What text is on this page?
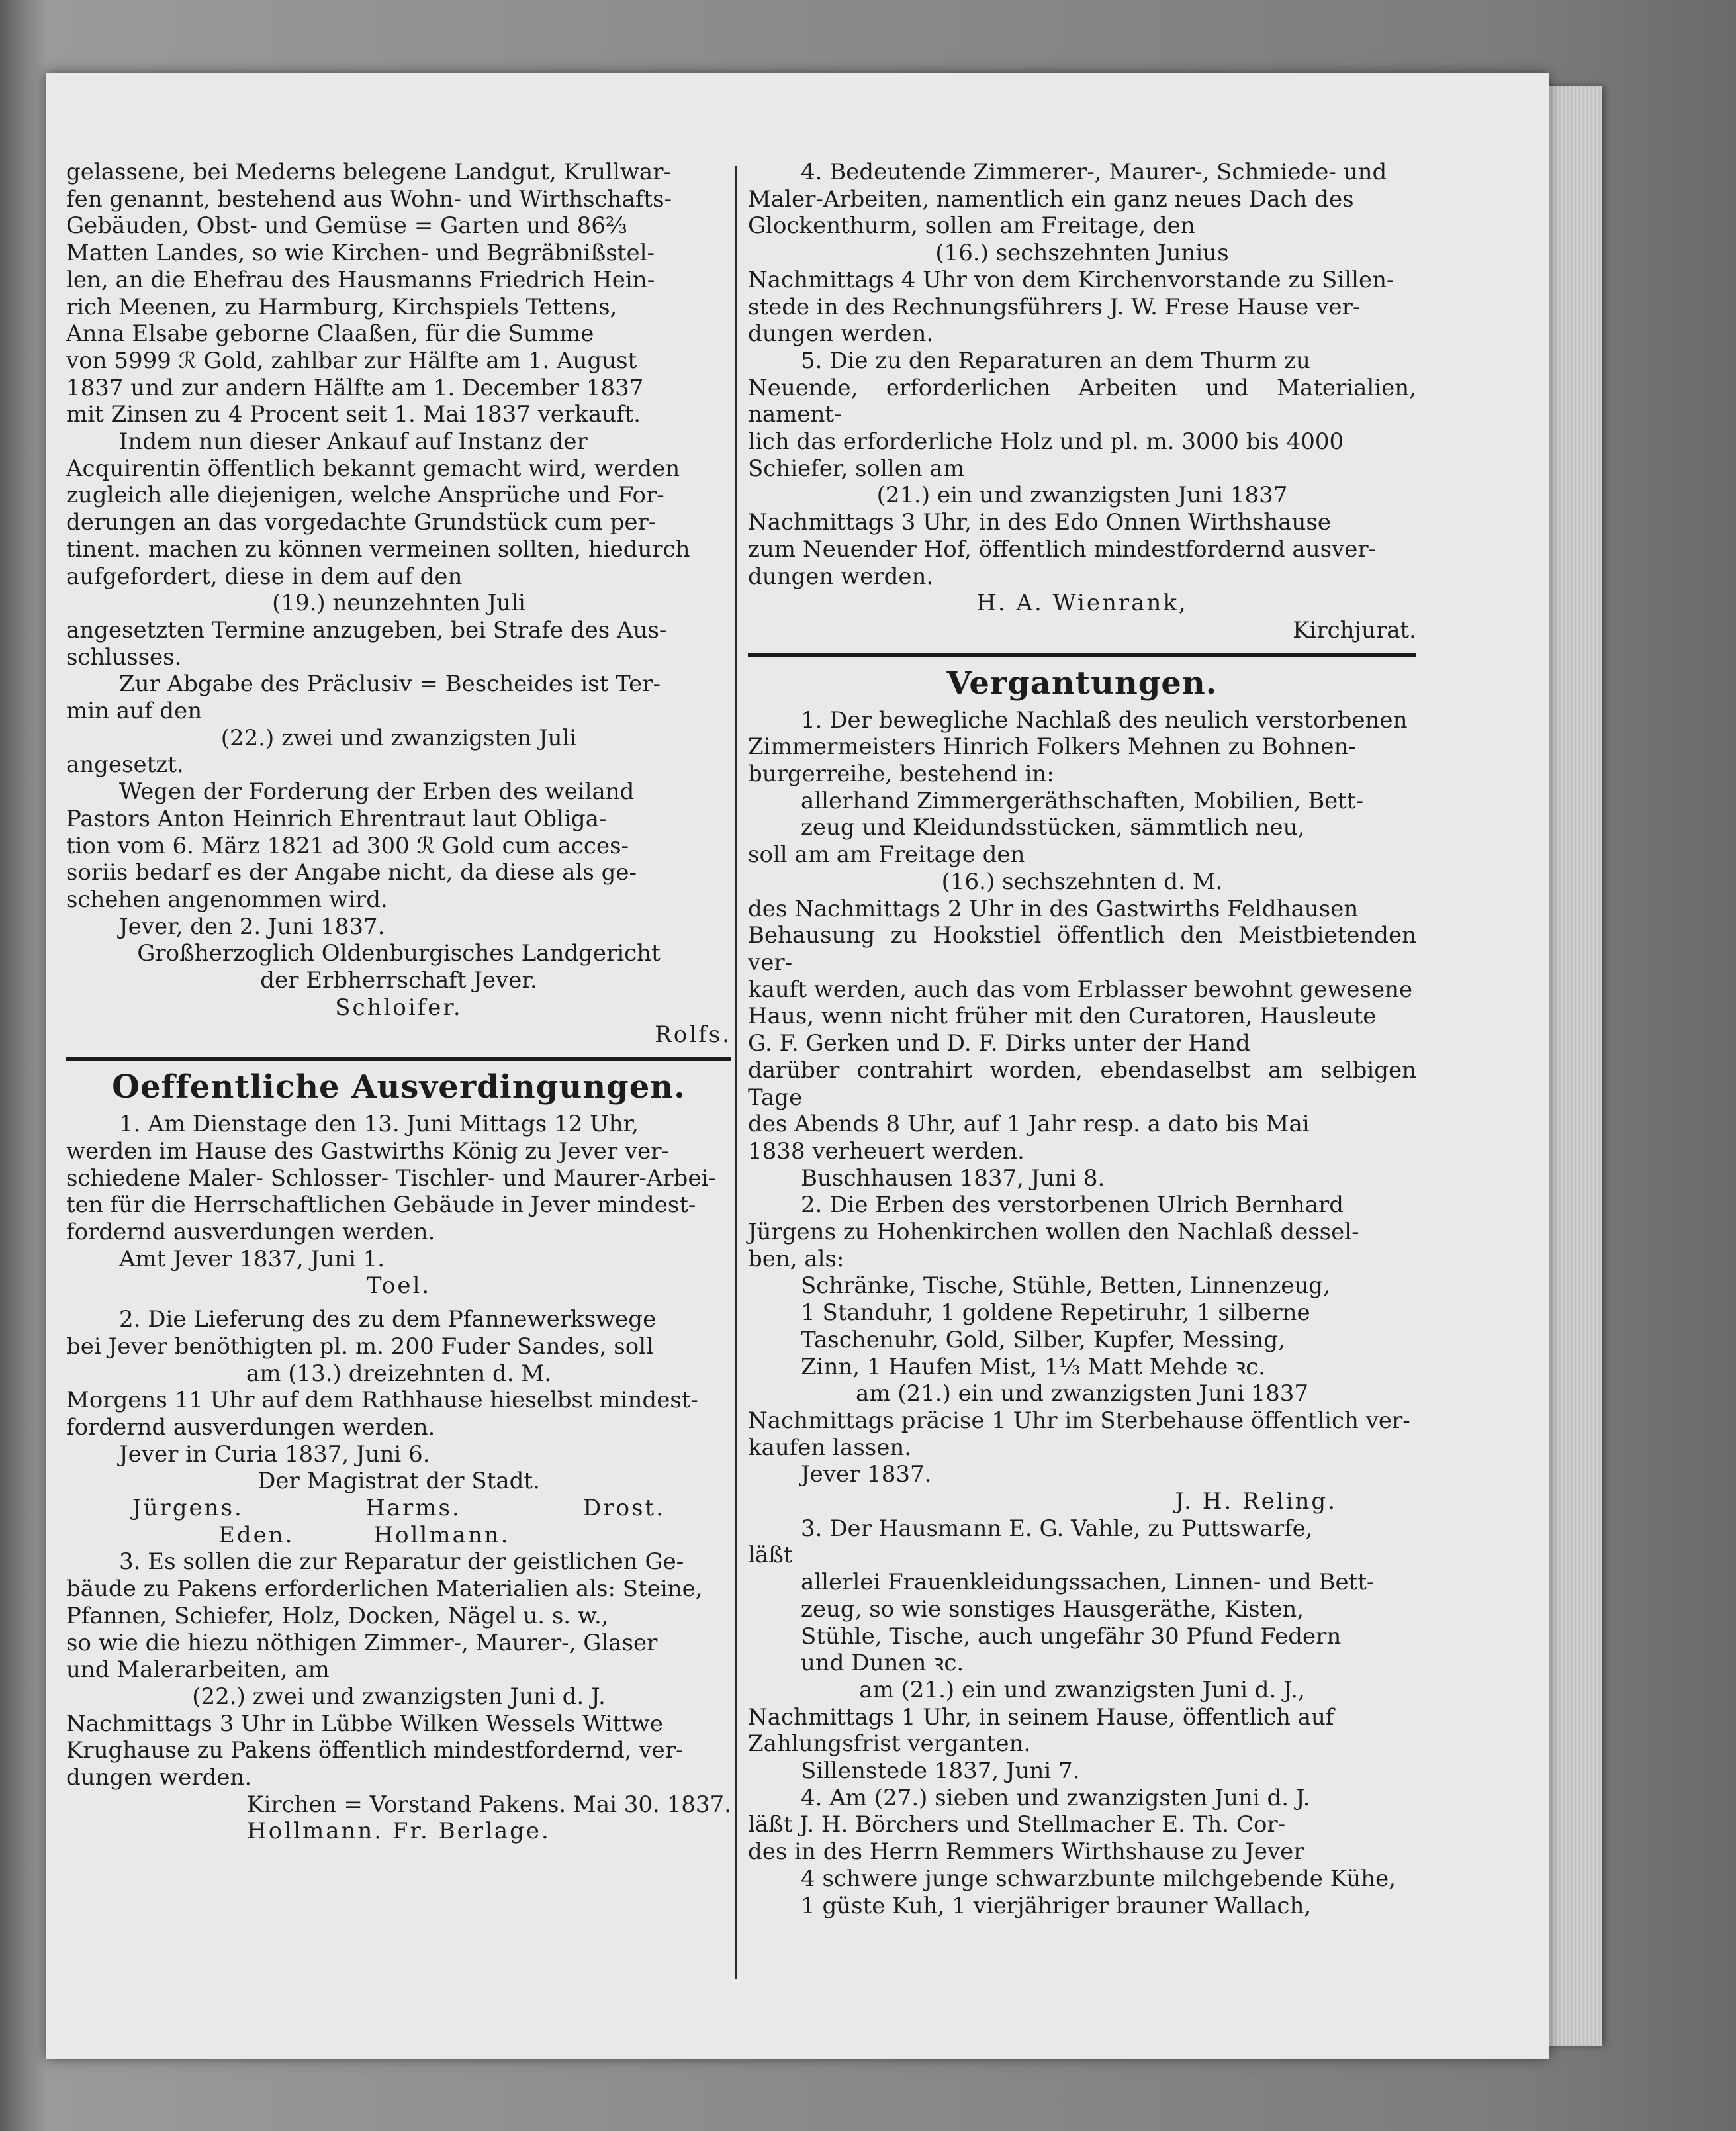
gelassene, bei Mederns belegene Landgut, Krullwar-

fen genannt, bestehend aus Wohn- und Wirthschafts-

Gebäuden, Obst- und Gemüse = Garten und 86⅔

Matten Landes, so wie Kirchen- und Begräbnißstel-

len, an die Ehefrau des Hausmanns Friedrich Hein-

rich Meenen, zu Harmburg, Kirchspiels Tettens,

Anna Elsabe geborne Claaßen, für die Summe

von 5999 ℛ Gold, zahlbar zur Hälfte am 1. August

1837 und zur andern Hälfte am 1. December 1837

mit Zinsen zu 4 Procent seit 1. Mai 1837 verkauft.

Indem nun dieser Ankauf auf Instanz der

Acquirentin öffentlich bekannt gemacht wird, werden

zugleich alle diejenigen, welche Ansprüche und For-

derungen an das vorgedachte Grundstück cum per-

tinent. machen zu können vermeinen sollten, hiedurch

aufgefordert, diese in dem auf den

(19.) neunzehnten Juli

angesetzten Termine anzugeben, bei Strafe des Aus-

schlusses.

Zur Abgabe des Präclusiv = Bescheides ist Ter-

min auf den

(22.) zwei und zwanzigsten Juli

angesetzt.

Wegen der Forderung der Erben des weiland

Pastors Anton Heinrich Ehrentraut laut Obliga-

tion vom 6. März 1821 ad 300 ℛ Gold cum acces-

soriis bedarf es der Angabe nicht, da diese als ge-

schehen angenommen wird.

Jever, den 2. Juni 1837.

Großherzoglich Oldenburgisches Landgericht

der Erbherrschaft Jever.

Schloifer.

Rolfs.

Oeffentliche Ausverdingungen.

1. Am Dienstage den 13. Juni Mittags 12 Uhr,

werden im Hause des Gastwirths König zu Jever ver-

schiedene Maler- Schlosser- Tischler- und Maurer-Arbei-

ten für die Herrschaftlichen Gebäude in Jever mindest-

fordernd ausverdungen werden.

Amt Jever 1837, Juni 1.

Toel.

2. Die Lieferung des zu dem Pfannewerkswege

bei Jever benöthigten pl. m. 200 Fuder Sandes, soll

am (13.) dreizehnten d. M.

Morgens 11 Uhr auf dem Rathhause hieselbst mindest-

fordernd ausverdungen werden.

Jever in Curia 1837, Juni 6.

Der Magistrat der Stadt.

Jürgens.	Harms.	Drost.
Eden.	Hollmann.

3. Es sollen die zur Reparatur der geistlichen Ge-

bäude zu Pakens erforderlichen Materialien als: Steine,

Pfannen, Schiefer, Holz, Docken, Nägel u. s. w.,

so wie die hiezu nöthigen Zimmer-, Maurer-, Glaser

und Malerarbeiten, am

(22.) zwei und zwanzigsten Juni d. J.

Nachmittags 3 Uhr in Lübbe Wilken Wessels Wittwe

Krughause zu Pakens öffentlich mindestfordernd, ver-

dungen werden.

Kirchen = Vorstand Pakens. Mai 30. 1837.

Hollmann. Fr. Berlage.

4. Bedeutende Zimmerer-, Maurer-, Schmiede- und

Maler-Arbeiten, namentlich ein ganz neues Dach des

Glockenthurm, sollen am Freitage, den

(16.) sechszehnten Junius

Nachmittags 4 Uhr von dem Kirchenvorstande zu Sillen-

stede in des Rechnungsführers J. W. Frese Hause ver-

dungen werden.

5. Die zu den Reparaturen an dem Thurm zu

Neuende, erforderlichen Arbeiten und Materialien, nament-

lich das erforderliche Holz und pl. m. 3000 bis 4000

Schiefer, sollen am

(21.) ein und zwanzigsten Juni 1837

Nachmittags 3 Uhr, in des Edo Onnen Wirthshause

zum Neuender Hof, öffentlich mindestfordernd ausver-

dungen werden.

H. A. Wienrank,

Kirchjurat.

Vergantungen.

1. Der bewegliche Nachlaß des neulich verstorbenen

Zimmermeisters Hinrich Folkers Mehnen zu Bohnen-

burgerreihe, bestehend in:

allerhand Zimmergeräthschaften, Mobilien, Bett-

zeug und Kleidundsstücken, sämmtlich neu,

soll am am Freitage den

(16.) sechszehnten d. M.

des Nachmittags 2 Uhr in des Gastwirths Feldhausen

Behausung zu Hookstiel öffentlich den Meistbietenden ver-

kauft werden, auch das vom Erblasser bewohnt gewesene

Haus, wenn nicht früher mit den Curatoren, Hausleute

G. F. Gerken und D. F. Dirks unter der Hand

darüber contrahirt worden, ebendaselbst am selbigen Tage

des Abends 8 Uhr, auf 1 Jahr resp. a dato bis Mai

1838 verheuert werden.

Buschhausen 1837, Juni 8.

2. Die Erben des verstorbenen Ulrich Bernhard

Jürgens zu Hohenkirchen wollen den Nachlaß dessel-

ben, als:

Schränke, Tische, Stühle, Betten, Linnenzeug,

1 Standuhr, 1 goldene Repetiruhr, 1 silberne

Taschenuhr, Gold, Silber, Kupfer, Messing,

Zinn, 1 Haufen Mist, 1⅓ Matt Mehde ꝛc.

am (21.) ein und zwanzigsten Juni 1837

Nachmittags präcise 1 Uhr im Sterbehause öffentlich ver-

kaufen lassen.

Jever 1837.

J. H. Reling.

3. Der Hausmann E. G. Vahle, zu Puttswarfe,

läßt

allerlei Frauenkleidungssachen, Linnen- und Bett-

zeug, so wie sonstiges Hausgeräthe, Kisten,

Stühle, Tische, auch ungefähr 30 Pfund Federn

und Dunen ꝛc.

am (21.) ein und zwanzigsten Juni d. J.,

Nachmittags 1 Uhr, in seinem Hause, öffentlich auf

Zahlungsfrist verganten.

Sillenstede 1837, Juni 7.

4. Am (27.) sieben und zwanzigsten Juni d. J.

läßt J. H. Börchers und Stellmacher E. Th. Cor-

des in des Herrn Remmers Wirthshause zu Jever

4 schwere junge schwarzbunte milchgebende Kühe,

1 güste Kuh, 1 vierjähriger brauner Wallach,
